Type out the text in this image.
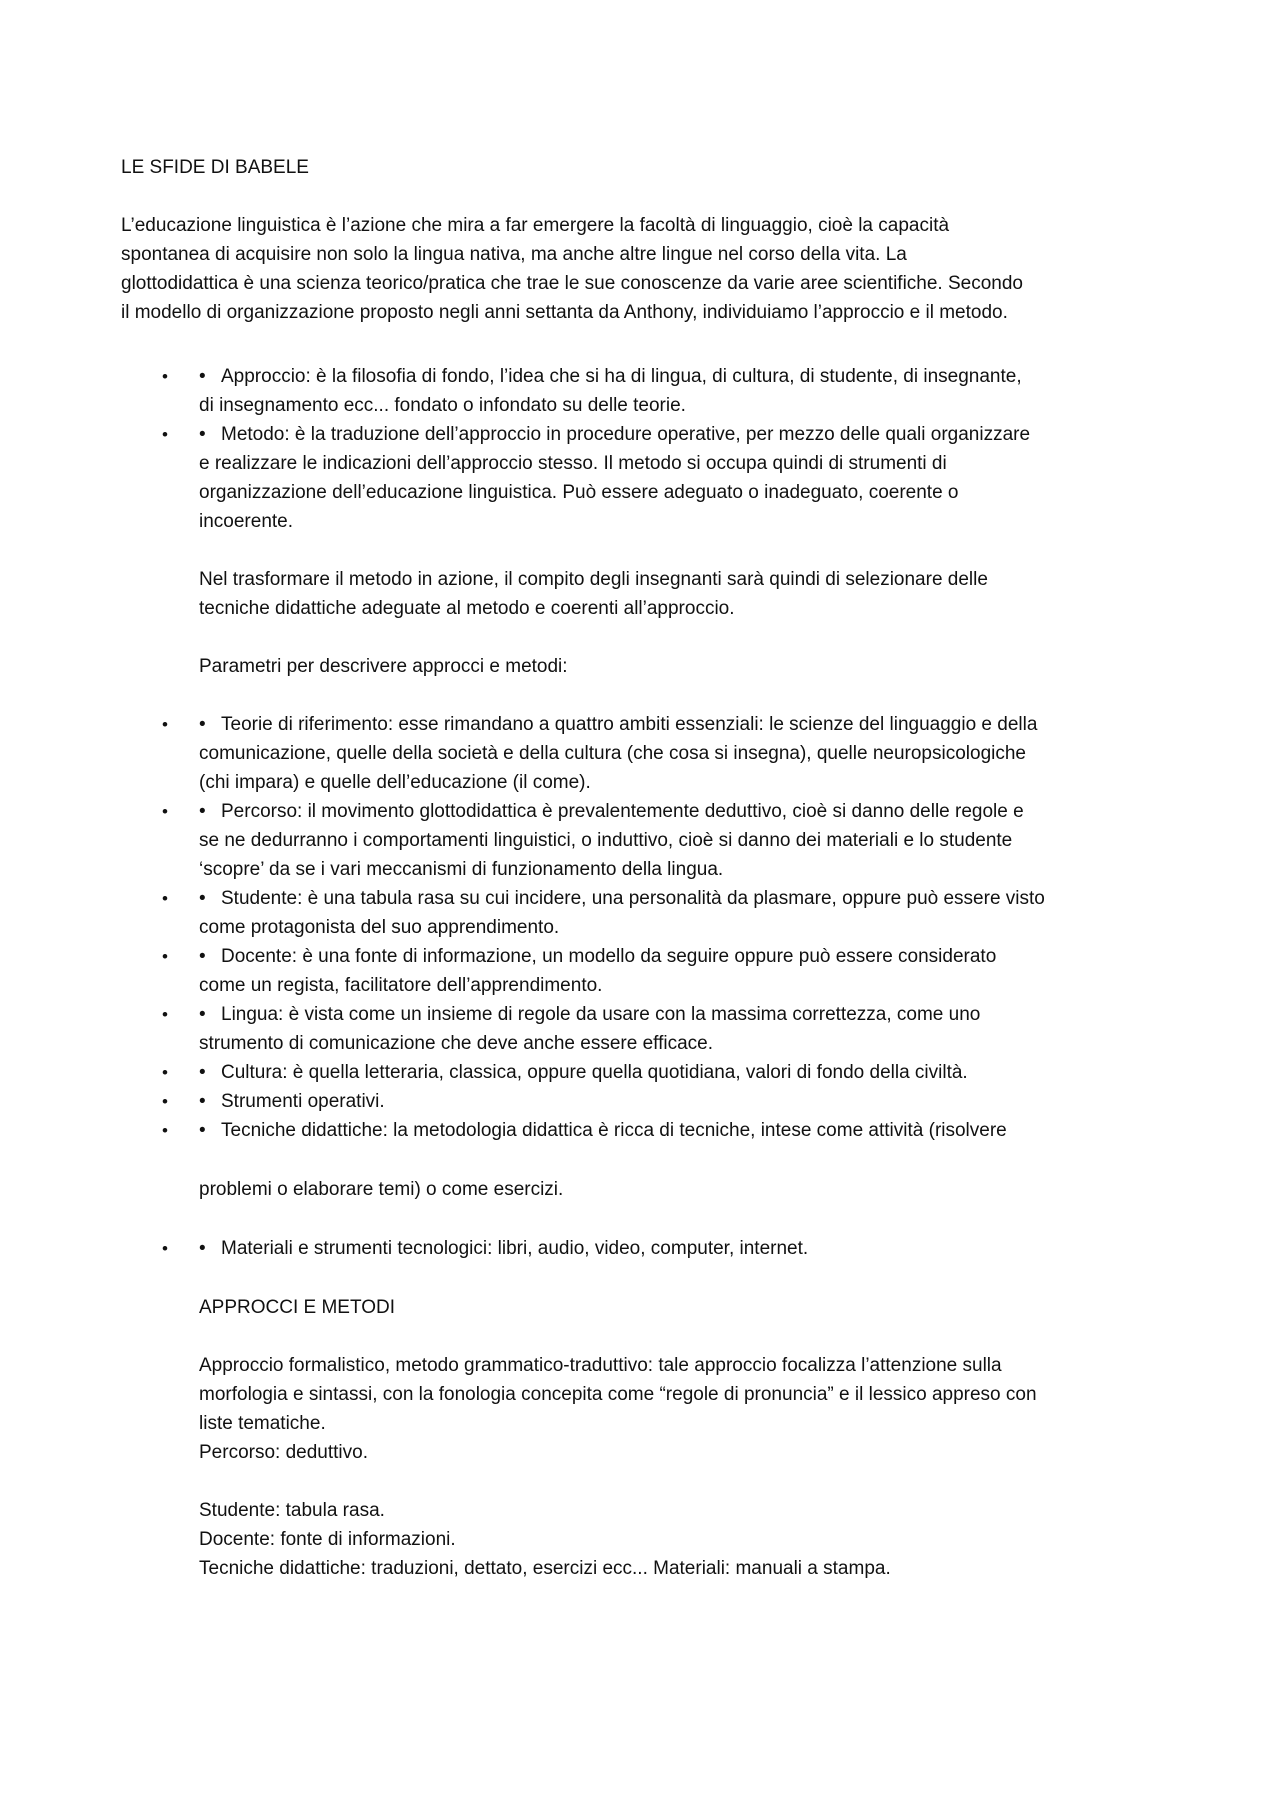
LE SFIDE DI BABELE

L’educazione linguistica è l’azione che mira a far emergere la facoltà di linguaggio, cioè la capacità
spontanea di acquisire non solo la lingua nativa, ma anche altre lingue nel corso della vita. La
glottodidattica è una scienza teorico/pratica che trae le sue conoscenze da varie aree scientifiche. Secondo
il modello di organizzazione proposto negli anni settanta da Anthony, individuiamo l’approccio e il metodo.

• • Approccio: è la filosofia di fondo, l’idea che si ha di lingua, di cultura, di studente, di insegnante,
di insegnamento ecc... fondato o infondato su delle teorie.
• • Metodo: è la traduzione dell’approccio in procedure operative, per mezzo delle quali organizzare
e realizzare le indicazioni dell’approccio stesso. Il metodo si occupa quindi di strumenti di
organizzazione dell’educazione linguistica. Può essere adeguato o inadeguato, coerente o
incoerente.

Nel trasformare il metodo in azione, il compito degli insegnanti sarà quindi di selezionare delle
tecniche didattiche adeguate al metodo e coerenti all’approccio.

Parametri per descrivere approcci e metodi:

• • Teorie di riferimento: esse rimandano a quattro ambiti essenziali: le scienze del linguaggio e della
comunicazione, quelle della società e della cultura (che cosa si insegna), quelle neuropsicologiche
(chi impara) e quelle dell’educazione (il come).
• • Percorso: il movimento glottodidattica è prevalentemente deduttivo, cioè si danno delle regole e
se ne dedurranno i comportamenti linguistici, o induttivo, cioè si danno dei materiali e lo studente
‘scopre’ da se i vari meccanismi di funzionamento della lingua.
• • Studente: è una tabula rasa su cui incidere, una personalità da plasmare, oppure può essere visto
come protagonista del suo apprendimento.
• • Docente: è una fonte di informazione, un modello da seguire oppure può essere considerato
come un regista, facilitatore dell’apprendimento.
• • Lingua: è vista come un insieme di regole da usare con la massima correttezza, come uno
strumento di comunicazione che deve anche essere efficace.
• • Cultura: è quella letteraria, classica, oppure quella quotidiana, valori di fondo della civiltà.
• • Strumenti operativi.
• • Tecniche didattiche: la metodologia didattica è ricca di tecniche, intese come attività (risolvere

problemi o elaborare temi) o come esercizi.

• • Materiali e strumenti tecnologici: libri, audio, video, computer, internet.

APPROCCI E METODI

Approccio formalistico, metodo grammatico-traduttivo: tale approccio focalizza l’attenzione sulla
morfologia e sintassi, con la fonologia concepita come “regole di pronuncia” e il lessico appreso con
liste tematiche.
Percorso: deduttivo.

Studente: tabula rasa.
Docente: fonte di informazioni.
Tecniche didattiche: traduzioni, dettato, esercizi ecc... Materiali: manuali a stampa.
